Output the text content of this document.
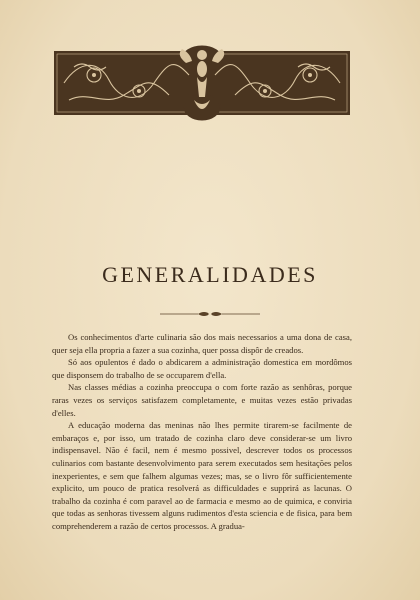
GENERALIDADES

Os conhecimentos d'arte culinaria são dos mais necessarios a uma dona de casa, quer seja ella propria a fazer a sua cozinha, quer possa dispôr de creados.

Só aos opulentos é dado o abdicarem a administração domestica em mordômos que disponsem do trabalho de se occuparem d'ella.

Nas classes médias a cozinha preoccupa o com forte razão as senhôras, porque raras vezes os serviços satisfazem completamente, e muitas vezes estão privadas d'elles.

A educação moderna das meninas não lhes permite tirarem-se facilmente de embaraços e, por isso, um tratado de cozinha claro deve considerar-se um livro indispensavel. Não é facil, nem é mesmo possivel, descrever todos os processos culinarios com bastante desenvolvimento para serem executados sem hesitações pelos inexperientes, e sem que falhem algumas vezes; mas, se o livro fôr sufficientemente explicito, um pouco de pratica resolverá as difficuldades e supprirá as lacunas. O trabalho da cozinha é com paravel ao de farmacia e mesmo ao de quimica, e conviria que todas as senhoras tivessem alguns rudimentos d'esta sciencia e de fisica, para bem comprehenderem a razão de certos processos. A gradua-
